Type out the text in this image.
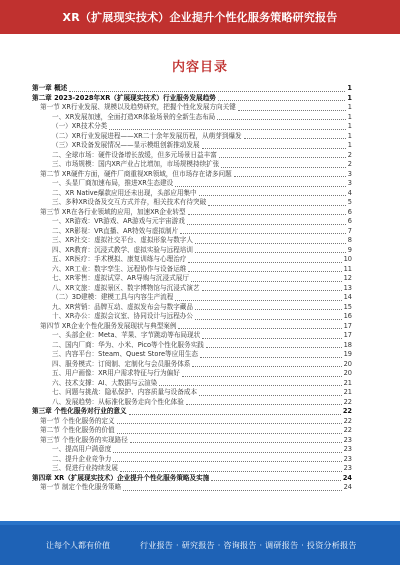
XR（扩展现实技术）企业提升个性化服务策略研究报告
内容目录
第一章 概述	1
第二章 2023-2028年XR（扩展现实技术）行业服务发展趋势	1
第一节 XR行业发展、规模以及趋势研究，把握个性化发展方向关键	1
一、XR发展加速，全面打造XR体验场景的全新生态布局	1
（一）XR技术分类	1
（二）XR行业发展进程——XR二十余年发展历程，从萌芽到爆发	1
（三）XR设备发展情况——显示模组创新推动发展	1
二、全球市场：硬件设备增长放缓，但多元场景日益丰富	2
三、市场规模：国内XR产业占比增加，市场规模持续扩张	2
第二节 XR硬件方面，硬件厂商重视XR领域，但市场存在诸多问题	3
一、头显厂商加速布局，推进XR生态建设	3
二、XR Native爆款应用还未出现，头部应用集中	4
三、多种XR设备及交互方式并存，相关技术有待突破	5
第三节 XR在各行业领域的应用，加速XR企业转型	6
一、XR游戏：VR游戏、AR游戏与元宇宙游戏	6
二、XR影视：VR直播、AR特效与虚拟制片	7
三、XR社交：虚拟社交平台、虚拟形象与数字人	8
四、XR教育：沉浸式教学、虚拟实验与远程培训	9
五、XR医疗：手术模拟、康复训练与心理治疗	10
六、XR工业：数字孪生、远程协作与设备运维	11
七、XR零售：虚拟试穿、AR导购与沉浸式展厅	12
八、XR文旅：虚拟景区、数字博物馆与沉浸式演艺	13
（二）3D建模：建模工具与内容生产流程	14
九、XR营销：品牌互动、虚拟发布会与数字藏品	15
十、XR办公：虚拟会议室、协同设计与远程办公	16
第四节 XR企业个性化服务发展现状与典型案例	17
一、头部企业：Meta、苹果、字节跳动等布局现状	17
二、国内厂商：华为、小米、Pico等个性化服务实践	18
三、内容平台：Steam、Quest Store等应用生态	19
四、服务模式：订阅制、定制化与会员服务体系	20
五、用户画像：XR用户需求特征与行为偏好	20
六、技术支撑：AI、大数据与云渲染	21
七、问题与挑战：隐私保护、内容质量与设备成本	21
八、发展趋势：从标准化服务走向个性化体验	22
第三章 个性化服务对行业的意义	22
第一节 个性化服务的定义	22
第二节 个性化服务的价值	22
第三节 个性化服务的实现路径	23
一、提高用户满意度	23
二、提升企业竞争力	23
三、促进行业持续发展	23
第四章 XR（扩展现实技术）企业提升个性化服务策略及实施	24
第一节 制定个性化服务策略	24
让每个人都有价值	行业报告 · 研究报告 · 咨询报告 · 调研报告 · 投资分析报告
